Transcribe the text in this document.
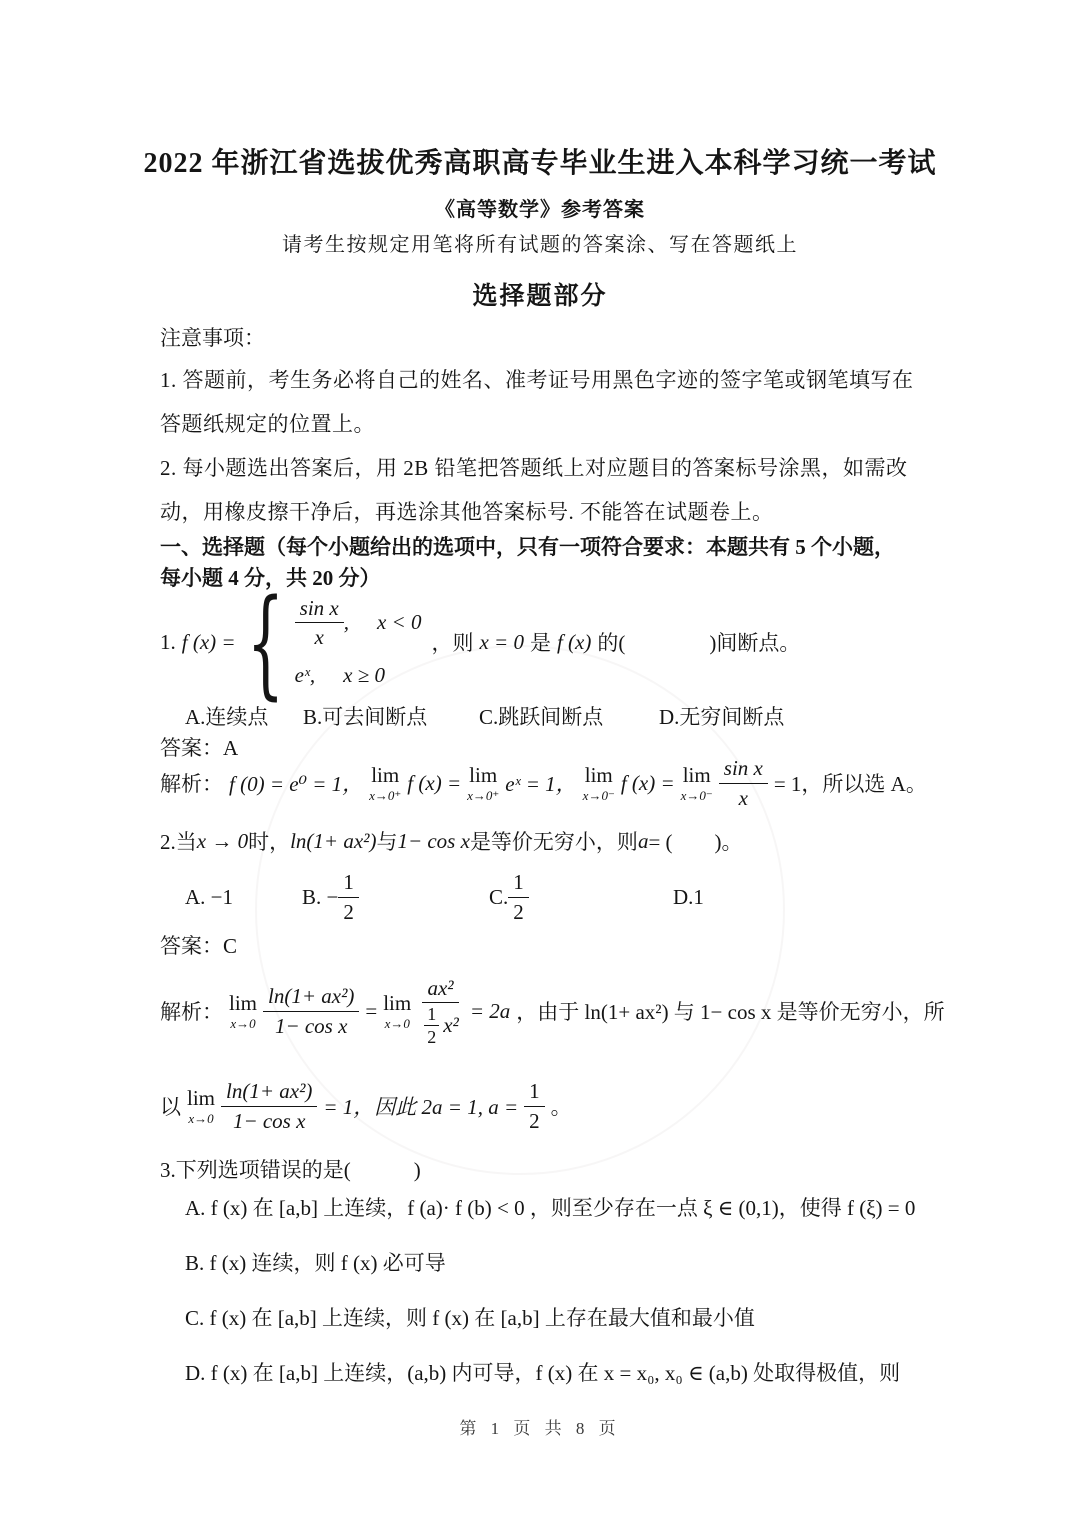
2022 年浙江省选拔优秀高职高专毕业生进入本科学习统一考试
《高等数学》参考答案
请考生按规定用笔将所有试题的答案涂、写在答题纸上
选择题部分
注意事项：
1. 答题前，考生务必将自己的姓名、准考证号用黑色字迹的签字笔或钢笔填写在
答题纸规定的位置上。
2. 每小题选出答案后，用 2B 铅笔把答题纸上对应题目的答案标号涂黑，如需改
动，用橡皮擦干净后，再选涂其他答案标号. 不能答在试题卷上。
一、选择题（每个小题给出的选项中，只有一项符合要求：本题共有 5 个小题，
每小题 4 分，共 20 分）
1. f (x) = { $\frac{\text{sin x}}{x}$ , x < 0
eˣ, x ≥ 0
，则 x = 0 是 f (x) 的(　　　　)间断点。
A.连续点 B.可去间断点 C.跳跃间断点	D.无穷间断点
答案：A
解析： f (0) = e⁰ = 1， lim
x→0⁺
f (x) = lim
x→0⁺ eˣ = 1， lim
x→0⁻
f (x) = lim
$x\to 0^- \frac{\text{sin x}}{x} = 1$，所以选 A。
2.当 x → 0 时， ln(1+ ax²) 与 1− cos x 是等价无穷小，则 a = (　　)。
A. −1	B. − $\frac{1}{2}$	C. $\frac{1}{2}$	D.1
答案：C
解析： lim
$x\to 0 \frac{\text{ln(1+ ax²)}}{\text{1− cos x}} = \lim$
$x\to 0 \frac{\text{ax²}}{\frac{1}{2} x^2} = 2a$ ，由于 ln(1+ ax²) 与 1− cos x 是等价无穷小，所
以 lim
$x\to 0 \frac{\text{ln(1+ ax²)}}{\text{1− cos x}} = 1$，因此 2a = 1, $a = \frac{1}{2}$ 。
3.下列选项错误的是(　　　)
A. f (x) 在 [a,b] 上连续，f (a)· f (b) < 0 ，则至少存在一点 ξ ∈ (0,1)，使得 f (ξ) = 0
B. f (x) 连续，则 f (x) 必可导
C. f (x) 在 [a,b] 上连续，则 f (x) 在 [a,b] 上存在最大值和最小值
D. f (x) 在 [a,b] 上连续，(a,b) 内可导，f (x) 在 x = x₀, x₀ ∈ (a,b) 处取得极值，则
第 1 页 共 8 页
